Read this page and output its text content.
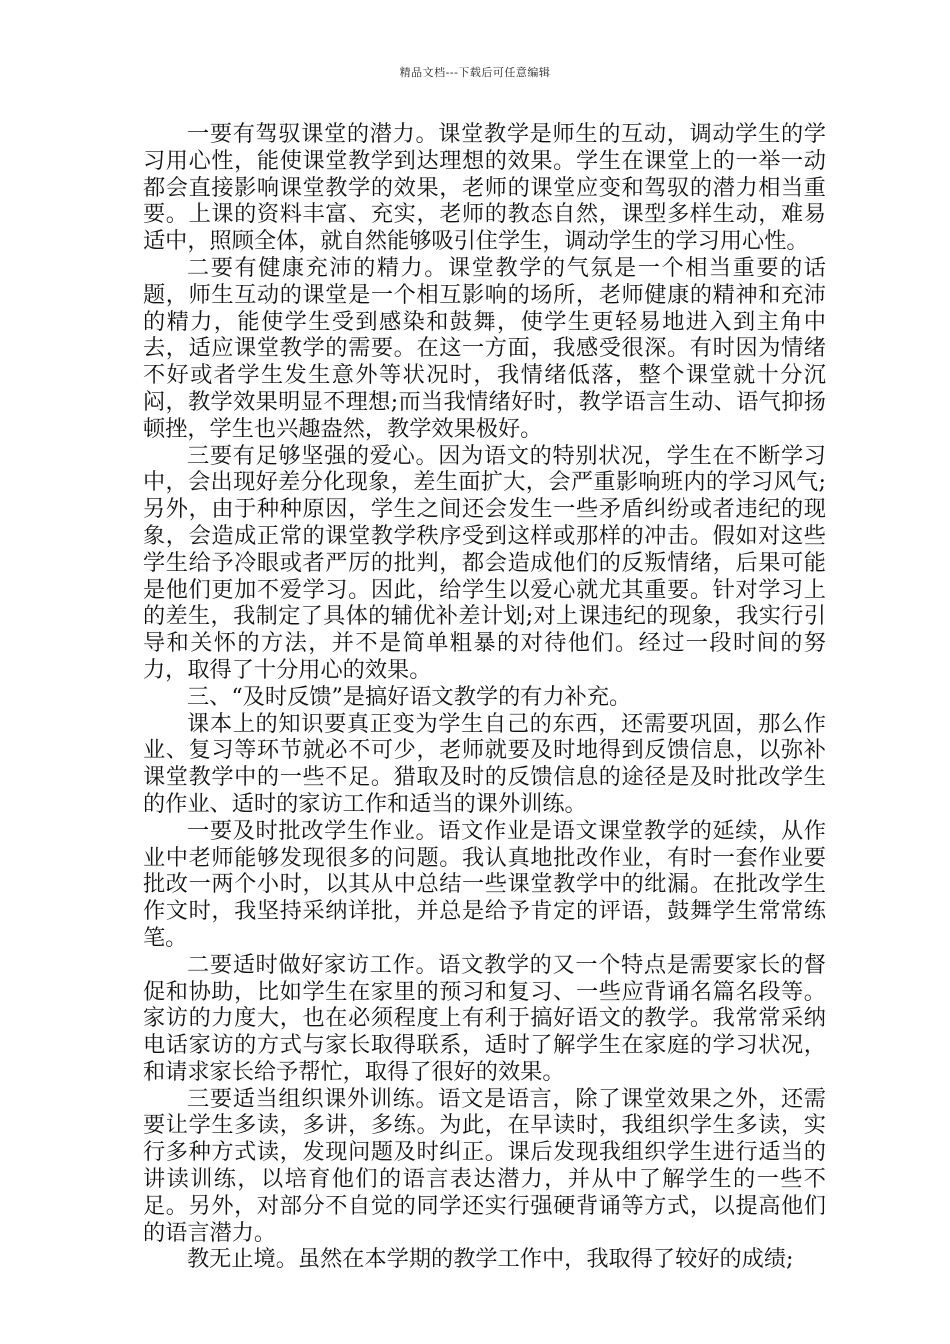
精品文档---下载后可任意编辑

一要有驾驭课堂的潜力。课堂教学是师生的互动，调动学生的学习用心性，能使课堂教学到达理想的效果。学生在课堂上的一举一动都会直接影响课堂教学的效果，老师的课堂应变和驾驭的潜力相当重要。上课的资料丰富、充实，老师的教态自然，课型多样生动，难易适中，照顾全体，就自然能够吸引住学生，调动学生的学习用心性。

二要有健康充沛的精力。课堂教学的气氛是一个相当重要的话题，师生互动的课堂是一个相互影响的场所，老师健康的精神和充沛的精力，能使学生受到感染和鼓舞，使学生更轻易地进入到主角中去，适应课堂教学的需要。在这一方面，我感受很深。有时因为情绪不好或者学生发生意外等状况时，我情绪低落，整个课堂就十分沉闷，教学效果明显不理想;而当我情绪好时，教学语言生动、语气抑扬顿挫，学生也兴趣盎然，教学效果极好。

三要有足够坚强的爱心。因为语文的特别状况，学生在不断学习中，会出现好差分化现象，差生面扩大，会严重影响班内的学习风气;另外，由于种种原因，学生之间还会发生一些矛盾纠纷或者违纪的现象，会造成正常的课堂教学秩序受到这样或那样的冲击。假如对这些学生给予冷眼或者严厉的批判，都会造成他们的反叛情绪，后果可能是他们更加不爱学习。因此，给学生以爱心就尤其重要。针对学习上的差生，我制定了具体的辅优补差计划;对上课违纪的现象，我实行引导和关怀的方法，并不是简单粗暴的对待他们。经过一段时间的努力，取得了十分用心的效果。

三、“及时反馈”是搞好语文教学的有力补充。

课本上的知识要真正变为学生自己的东西，还需要巩固，那么作业、复习等环节就必不可少，老师就要及时地得到反馈信息，以弥补课堂教学中的一些不足。猎取及时的反馈信息的途径是及时批改学生的作业、适时的家访工作和适当的课外训练。

一要及时批改学生作业。语文作业是语文课堂教学的延续，从作业中老师能够发现很多的问题。我认真地批改作业，有时一套作业要批改一两个小时，以其从中总结一些课堂教学中的纰漏。在批改学生作文时，我坚持采纳详批，并总是给予肯定的评语，鼓舞学生常常练笔。

二要适时做好家访工作。语文教学的又一个特点是需要家长的督促和协助，比如学生在家里的预习和复习、一些应背诵名篇名段等。家访的力度大，也在必须程度上有利于搞好语文的教学。我常常采纳电话家访的方式与家长取得联系，适时了解学生在家庭的学习状况，和请求家长给予帮忙，取得了很好的效果。

三要适当组织课外训练。语文是语言，除了课堂效果之外，还需要让学生多读，多讲，多练。为此，在早读时，我组织学生多读，实行多种方式读，发现问题及时纠正。课后发现我组织学生进行适当的讲读训练，以培育他们的语言表达潜力，并从中了解学生的一些不足。另外，对部分不自觉的同学还实行强硬背诵等方式，以提高他们的语言潜力。

教无止境。虽然在本学期的教学工作中，我取得了较好的成绩;
